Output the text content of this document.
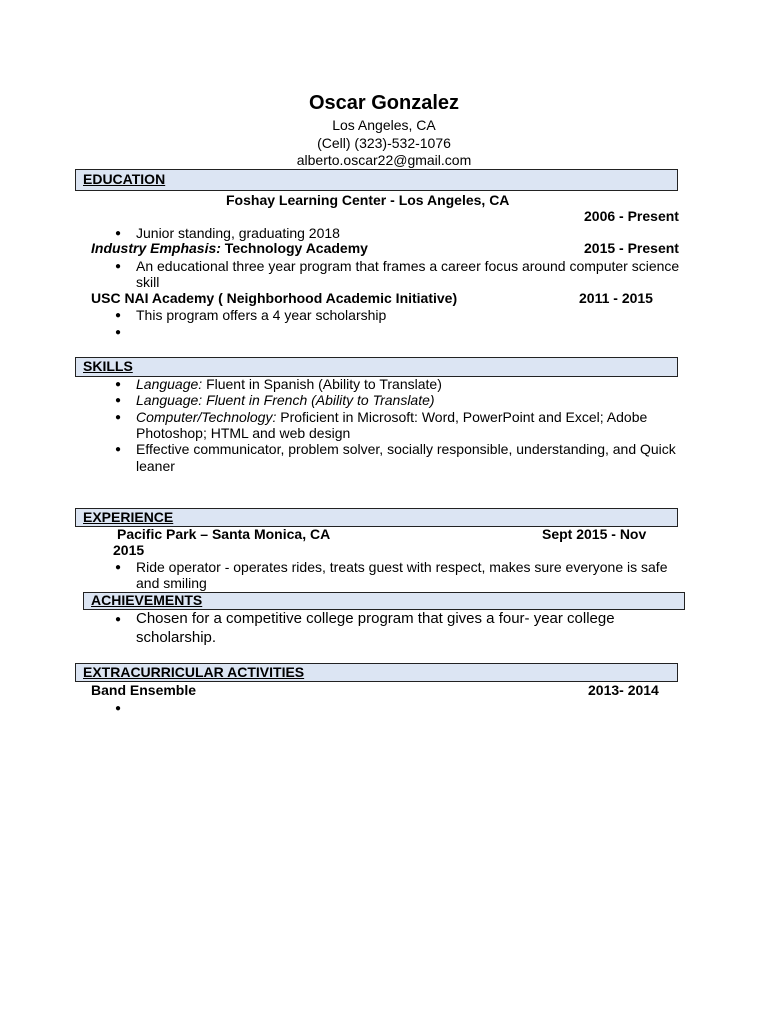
Oscar Gonzalez
Los Angeles, CA
(Cell) (323)-532-1076
alberto.oscar22@gmail.com
EDUCATION
Foshay Learning Center - Los Angeles, CA
2006 - Present
● Junior standing, graduating 2018
Industry Emphasis: Technology Academy	2015 - Present
● An educational three year program that frames a career focus around computer science
skill
USC NAI Academy ( Neighborhood Academic Initiative)	2011 - 2015
● This program offers a 4 year scholarship
●
SKILLS
● Language: Fluent in Spanish (Ability to Translate)
● Language: Fluent in French (Ability to Translate)
● Computer/Technology: Proficient in Microsoft: Word, PowerPoint and Excel; Adobe
Photoshop; HTML and web design
● Effective communicator, problem solver, socially responsible, understanding, and Quick
leaner
EXPERIENCE
Pacific Park – Santa Monica, CA	Sept 2015 - Nov
2015
● Ride operator - operates rides, treats guest with respect, makes sure everyone is safe
and smiling
ACHIEVEMENTS
● Chosen for a competitive college program that gives a four- year college
scholarship.
EXTRACURRICULAR ACTIVITIES
Band Ensemble	2013- 2014
●
